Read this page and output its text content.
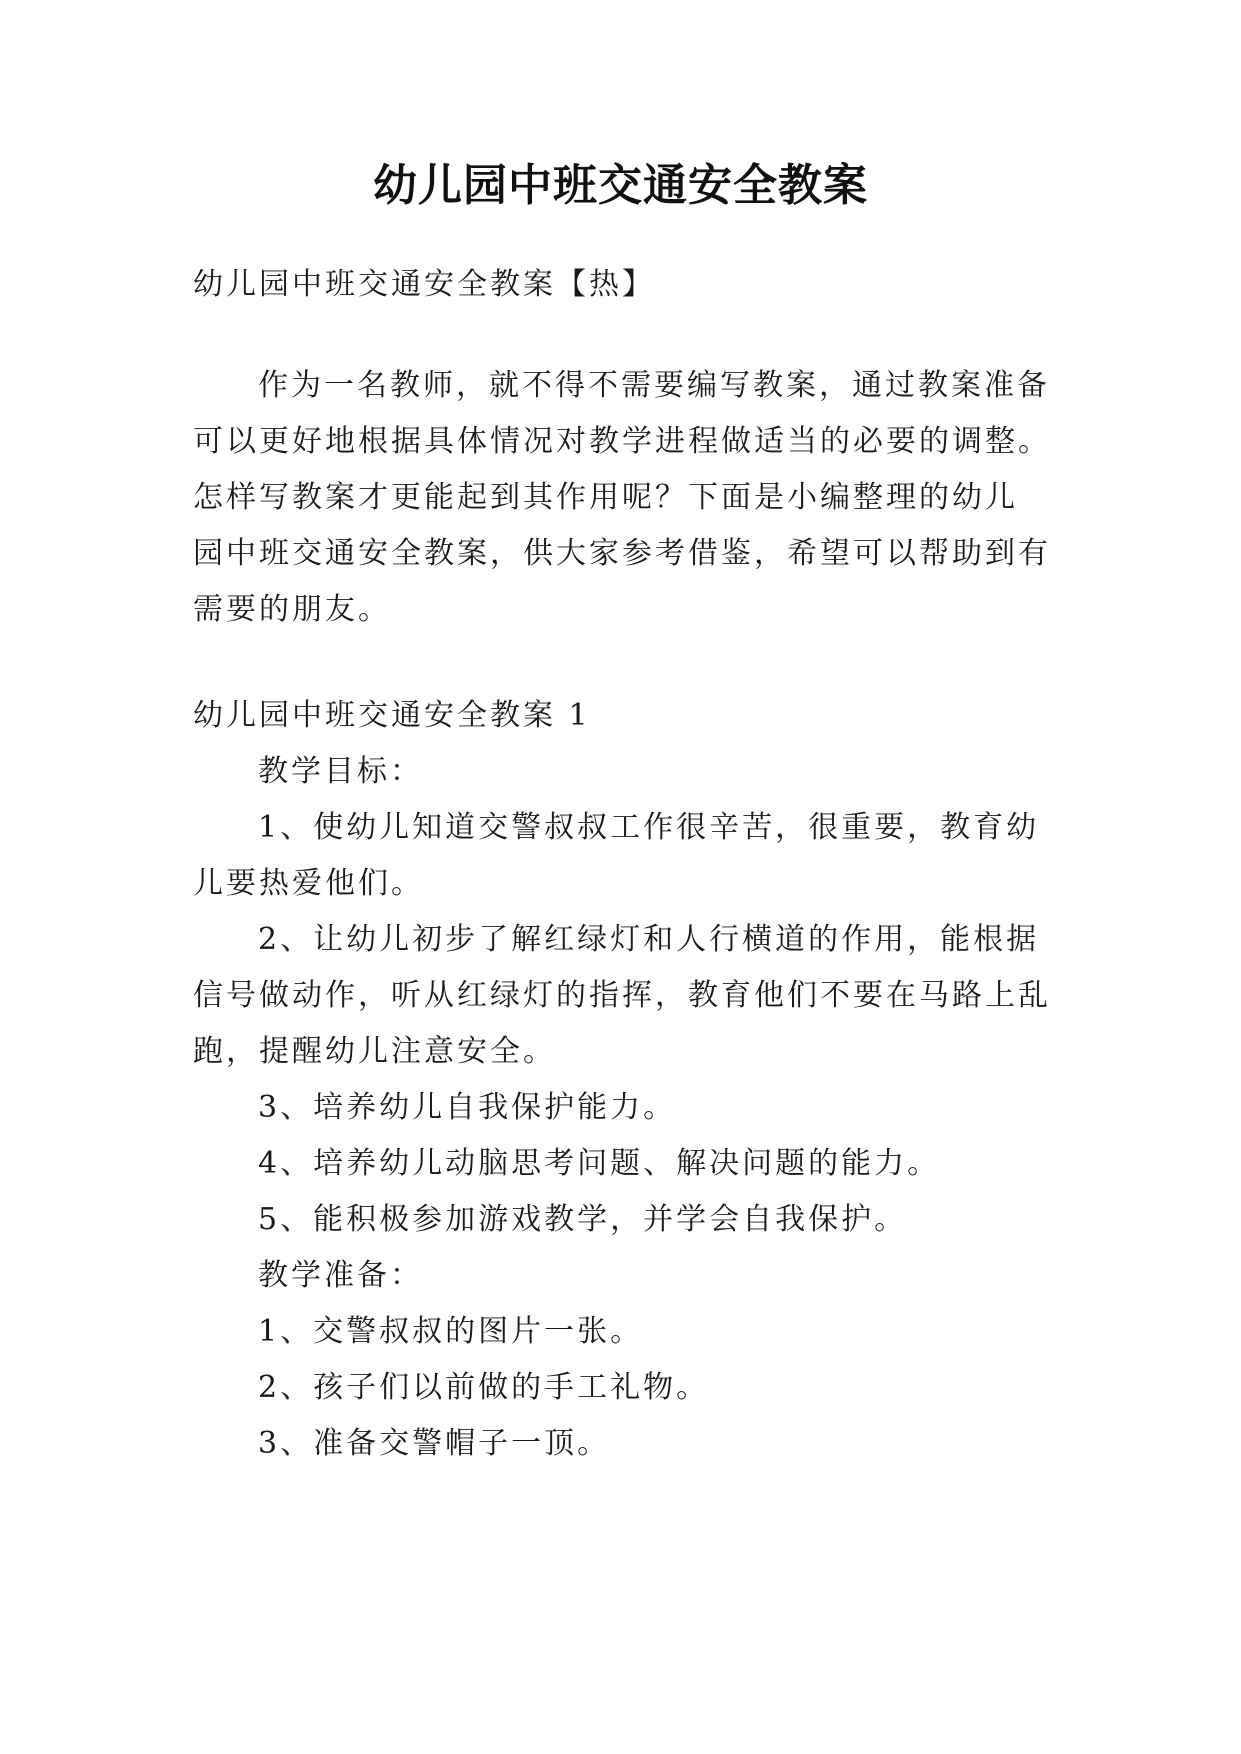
幼儿园中班交通安全教案
幼儿园中班交通安全教案【热】
作为一名教师，就不得不需要编写教案，通过教案准备
可以更好地根据具体情况对教学进程做适当的必要的调整。
怎样写教案才更能起到其作用呢？下面是小编整理的幼儿
园中班交通安全教案，供大家参考借鉴，希望可以帮助到有
需要的朋友。
幼儿园中班交通安全教案 1
教学目标：
1、使幼儿知道交警叔叔工作很辛苦，很重要，教育幼
儿要热爱他们。
2、让幼儿初步了解红绿灯和人行横道的作用，能根据
信号做动作，听从红绿灯的指挥，教育他们不要在马路上乱
跑，提醒幼儿注意安全。
3、培养幼儿自我保护能力。
4、培养幼儿动脑思考问题、解决问题的能力。
5、能积极参加游戏教学，并学会自我保护。
教学准备：
1、交警叔叔的图片一张。
2、孩子们以前做的手工礼物。
3、准备交警帽子一顶。
